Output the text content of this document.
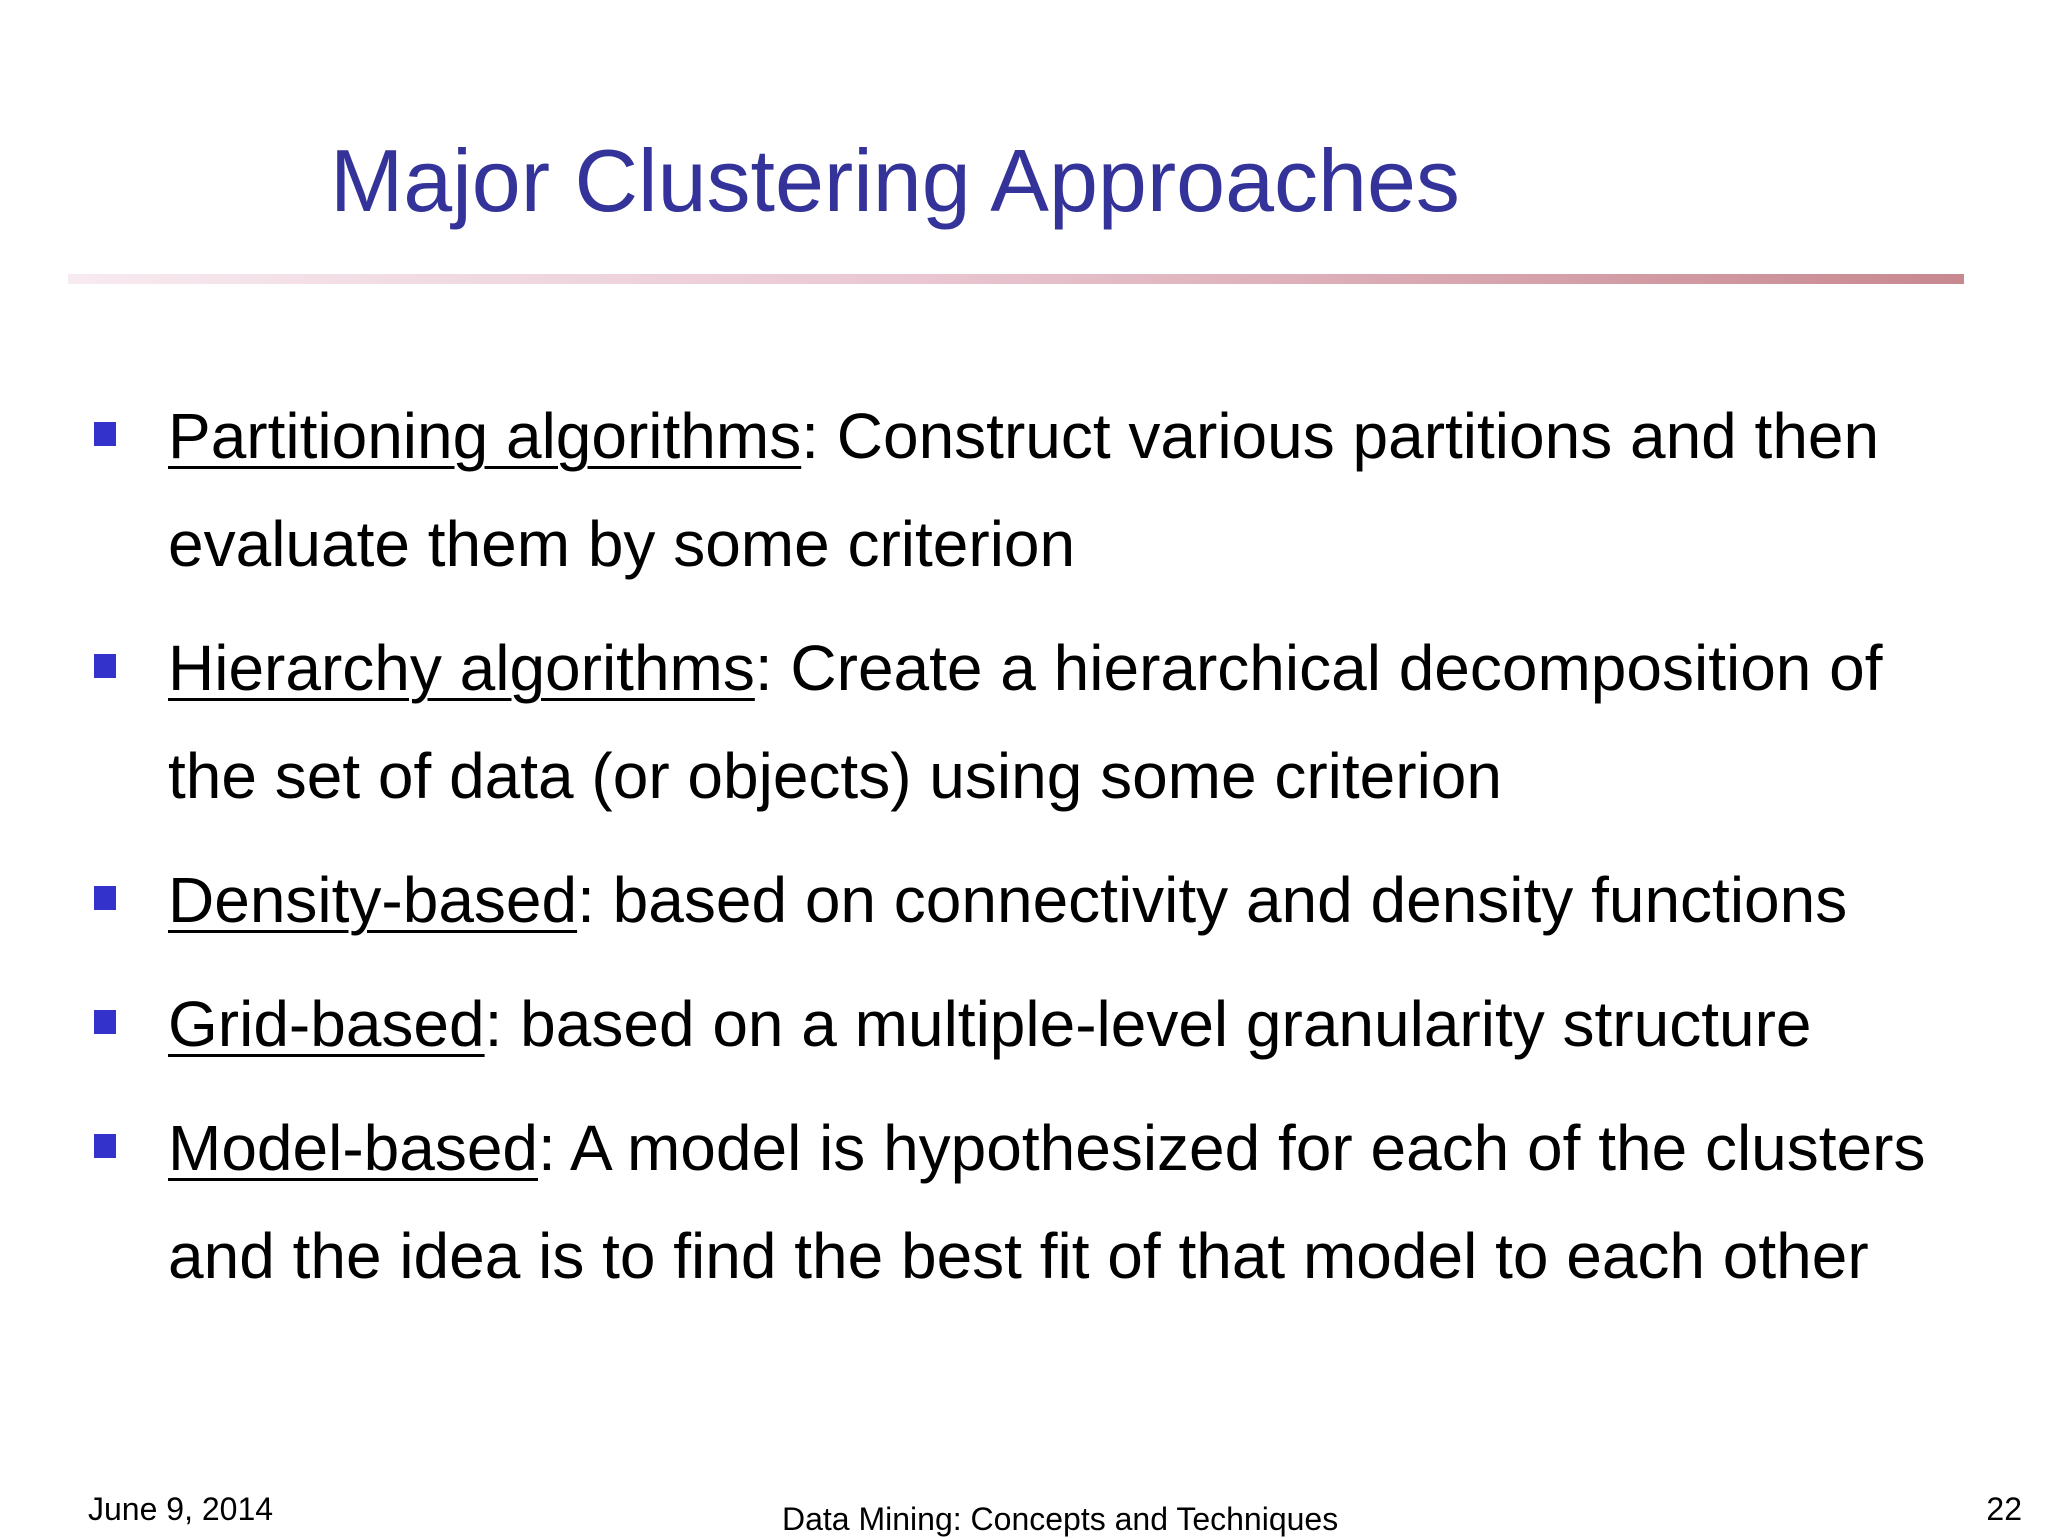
Major Clustering Approaches
Partitioning algorithms: Construct various partitions and then evaluate them by some criterion
Hierarchy algorithms: Create a hierarchical decomposition of the set of data (or objects) using some criterion
Density-based: based on connectivity and density functions
Grid-based: based on a multiple-level granularity structure
Model-based: A model is hypothesized for each of the clusters and the idea is to find the best fit of that model to each other
June 9, 2014	Data Mining: Concepts and Techniques	22
